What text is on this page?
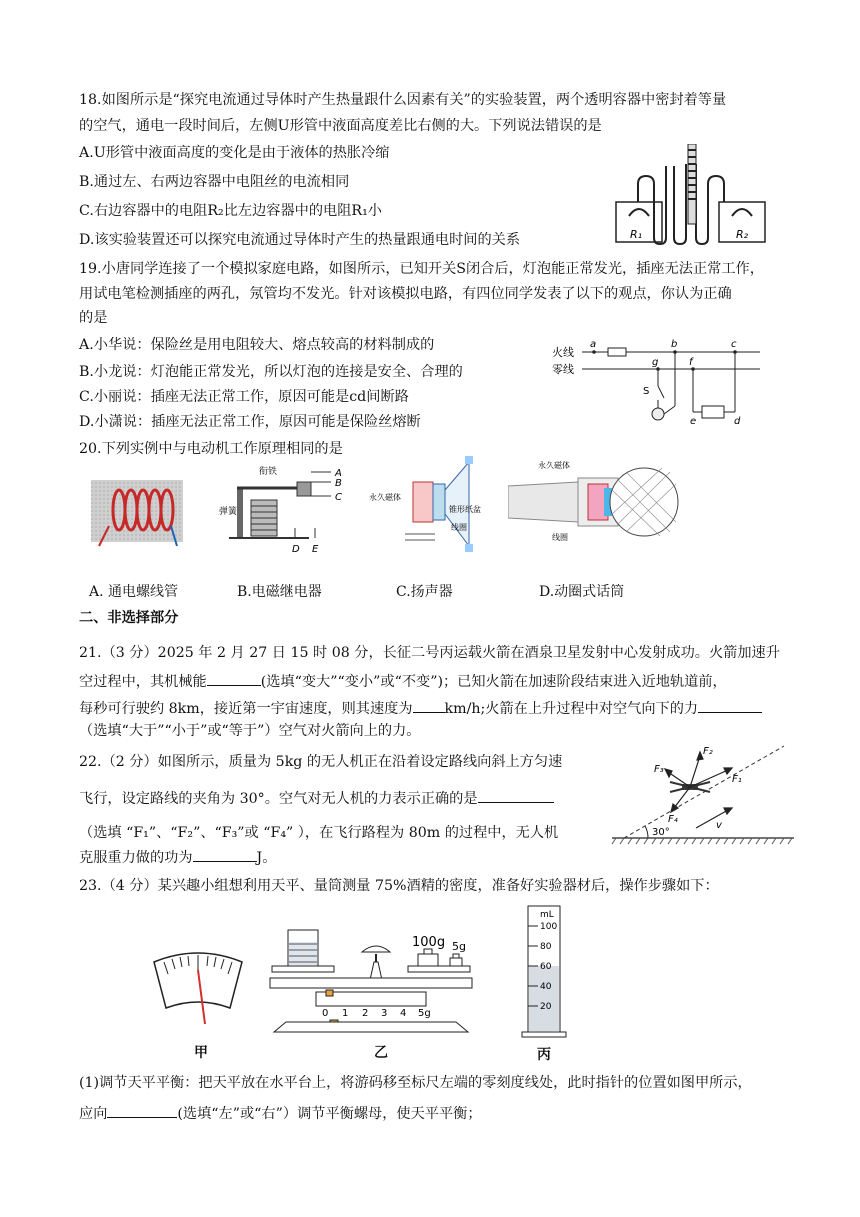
18.如图所示是“探究电流通过导体时产生热量跟什么因素有关”的实验装置，两个透明容器中密封着等量
的空气，通电一段时间后，左侧U形管中液面高度差比右侧的大。下列说法错误的是
A.U形管中液面高度的变化是由于液体的热胀冷缩
B.通过左、右两边容器中电阻丝的电流相同
C.右边容器中的电阻R₂比左边容器中的电阻R₁小
D.该实验装置还可以探究电流通过导体时产生的热量跟通电时间的关系	R₁	R₂
19.小唐同学连接了一个模拟家庭电路，如图所示，已知开关S闭合后，灯泡能正常发光，插座无法正常工作，
用试电笔检测插座的两孔，氖管均不发光。针对该模拟电路，有四位同学发表了以下的观点，你认为正确
的是
A.小华说：保险丝是用电阻较大、熔点较高的材料制成的
B.小龙说：灯泡能正常发光，所以灯泡的连接是安全、合理的
C.小丽说：插座无法正常工作，原因可能是cd间断路
D.小潇说：插座无法正常工作，原因可能是保险丝熔断
火线
零线
a	b	c
g	f
S
e	d
20.下列实例中与电动机工作原理相同的是
衔铁
弹簧
A
B
C
D E
永久磁体
锥形纸盆
线圈
永久磁体
线圈
A. 通电螺线管	B.电磁继电器	C.扬声器	D.动圈式话筒
二、非选择部分
21.（3 分）2025 年 2 月 27 日 15 时 08 分，长征二号丙运载火箭在酒泉卫星发射中心发射成功。火箭加速升
空过程中，其机械能	(选填“变大”“变小”或“不变”)；已知火箭在加速阶段结束进入近地轨道前，
每秒可行驶约 8km，接近第一宇宙速度，则其速度为 km/h;火箭在上升过程中对空气向下的力
（选填“大于”“小于”或“等于”）空气对火箭向上的力。
22.（2 分）如图所示，质量为 5kg 的无人机正在沿着设定路线向斜上方匀速
飞行，设定路线的夹角为 30°。空气对无人机的力表示正确的是
（选填 “F₁”、“F₂”、“F₃”或 “F₄” ），在飞行路程为 80m 的过程中，无人机
克服重力做的功为	J。
30°
F₂
F₁
F₃
F₄
v
23.（4 分）某兴趣小组想利用天平、量筒测量 75%酒精的密度，准备好实验器材后，操作步骤如下：
甲
100g 5g
0 1 2 3 4 5g
乙
mL
100
80
60
40
20
丙
(1)调节天平平衡：把天平放在水平台上，将游码移至标尺左端的零刻度线处，此时指针的位置如图甲所示，
应向	(选填“左”或“右”）调节平衡螺母，使天平平衡；
